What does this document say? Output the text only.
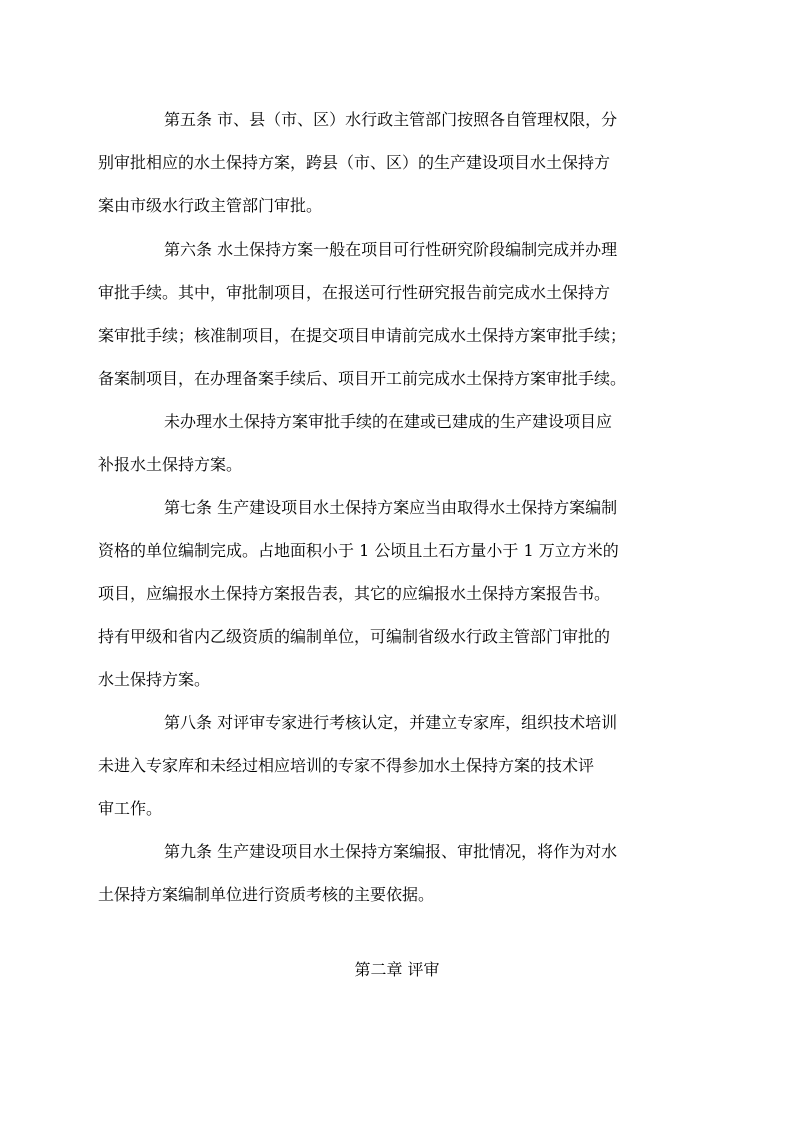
第五条 市、县（市、区）水行政主管部门按照各自管理权限，分
别审批相应的水土保持方案，跨县（市、区）的生产建设项目水土保持方
案由市级水行政主管部门审批。
第六条 水土保持方案一般在项目可行性研究阶段编制完成并办理
审批手续。其中，审批制项目，在报送可行性研究报告前完成水土保持方
案审批手续；核准制项目，在提交项目申请前完成水土保持方案审批手续；
备案制项目，在办理备案手续后、项目开工前完成水土保持方案审批手续。
未办理水土保持方案审批手续的在建或已建成的生产建设项目应
补报水土保持方案。
第七条 生产建设项目水土保持方案应当由取得水土保持方案编制
资格的单位编制完成。占地面积小于 1 公顷且土石方量小于 1 万立方米的
项目，应编报水土保持方案报告表，其它的应编报水土保持方案报告书。
持有甲级和省内乙级资质的编制单位，可编制省级水行政主管部门审批的
水土保持方案。
第八条 对评审专家进行考核认定，并建立专家库，组织技术培训
未进入专家库和未经过相应培训的专家不得参加水土保持方案的技术评
审工作。
第九条 生产建设项目水土保持方案编报、审批情况，将作为对水
土保持方案编制单位进行资质考核的主要依据。
第二章 评审
